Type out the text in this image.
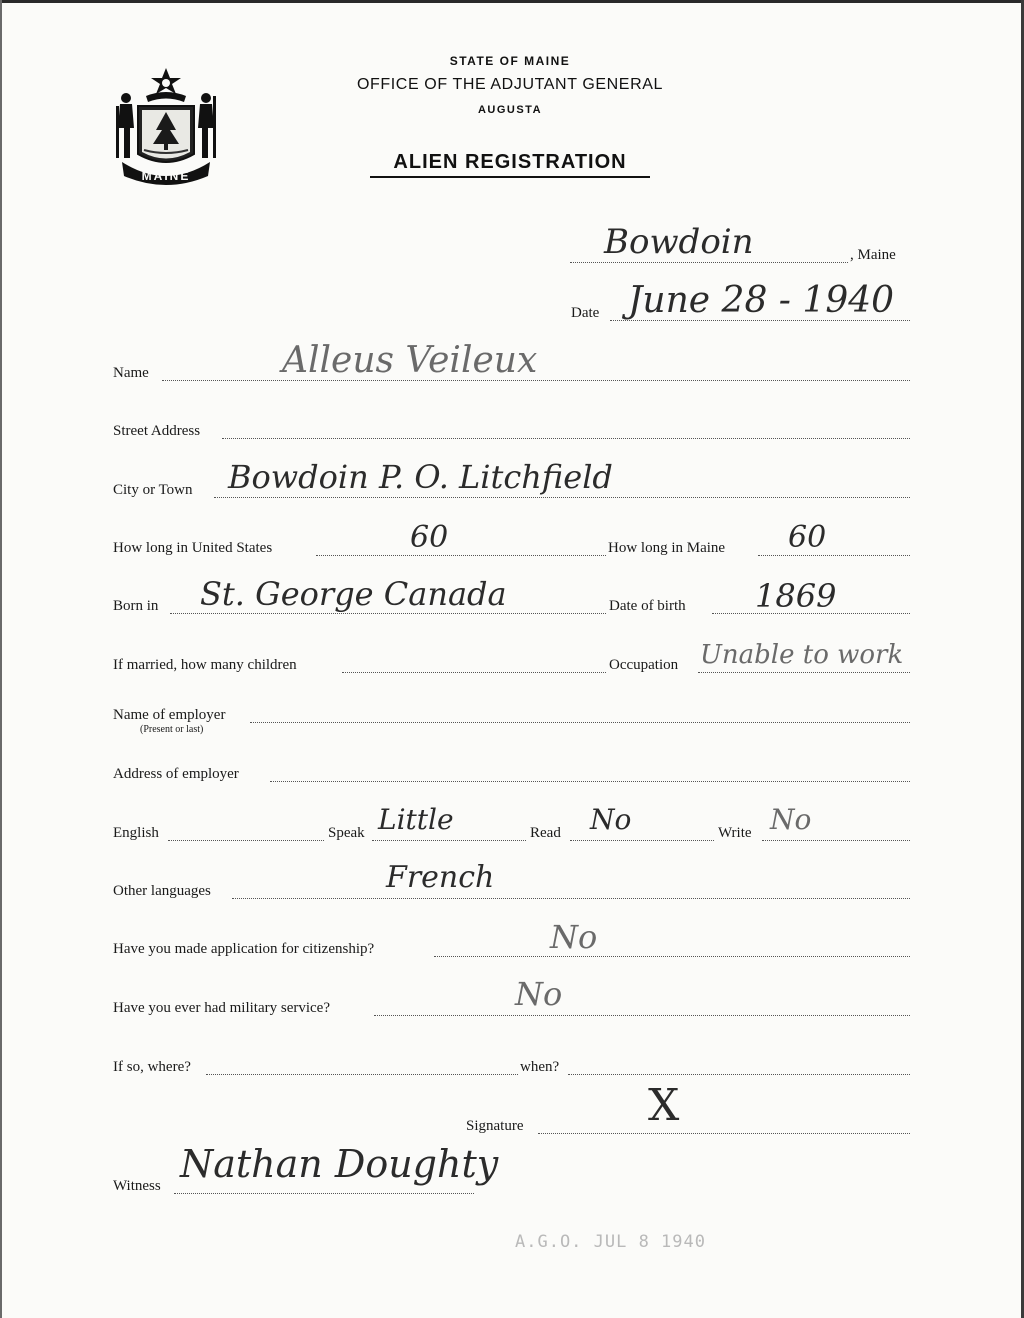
MAINE
STATE OF MAINE
OFFICE OF THE ADJUTANT GENERAL
AUGUSTA
ALIEN REGISTRATION
Bowdoin	, Maine
Date June 28 - 1940
Name	Alleus Veileux
Street Address
City or Town Bowdoin P. O. Litchfield
How long in United States	60	How long in Maine 60
Born in St. George Canada	Date of birth 1869
If married, how many children	Occupation Unable to work
Name of employer
(Present or last)
Address of employer
English	Speak Little	Read No	Write No
Other languages	French
Have you made application for citizenship?	No
Have you ever had military service?	No
If so, where?	when?
Signature	X
Witness Nathan Doughty
A.G.O. JUL 8 1940
